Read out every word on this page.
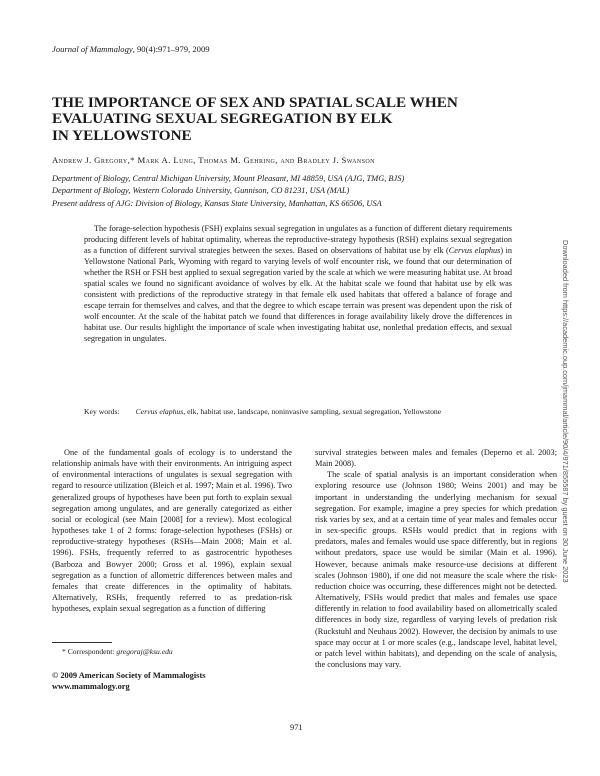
Journal of Mammalogy, 90(4):971–979, 2009
THE IMPORTANCE OF SEX AND SPATIAL SCALE WHEN
EVALUATING SEXUAL SEGREGATION BY ELK
IN YELLOWSTONE
Andrew J. Gregory,* Mark A. Lung, Thomas M. Gehring, and Bradley J. Swanson
Department of Biology, Central Michigan University, Mount Pleasant, MI 48859, USA (AJG, TMG, BJS)
Department of Biology, Western Colorado University, Gunnison, CO 81231, USA (MAL)
Present address of AJG: Division of Biology, Kansas State University, Manhattan, KS 66506, USA

The forage-selection hypothesis (FSH) explains sexual segregation in ungulates as a function of different dietary requirements producing different levels of habitat optimality, whereas the reproductive-strategy hypothesis (RSH) explains sexual segregation as a function of different survival strategies between the sexes. Based on observations of habitat use by elk (Cervus elaphus) in Yellowstone National Park, Wyoming with regard to varying levels of wolf encounter risk, we found that our determination of whether the RSH or FSH best applied to sexual segregation varied by the scale at which we were measuring habitat use. At broad spatial scales we found no significant avoidance of wolves by elk. At the habitat scale we found that habitat use by elk was consistent with predictions of the reproductive strategy in that female elk used habitats that offered a balance of forage and escape terrain for themselves and calves, and that the degree to which escape terrain was present was dependent upon the risk of wolf encounter. At the scale of the habitat patch we found that differences in forage availability likely drove the differences in habitat use. Our results highlight the importance of scale when investigating habitat use, nonlethal predation effects, and sexual segregation in ungulates.

Key words: Cervus elaphus, elk, habitat use, landscape, noninvasive sampling, sexual segregation, Yellowstone	Downloaded from https://academic.oup.com/jmammal/article/90/4/971/855587 by guest on 30 June 2023

One of the fundamental goals of ecology is to understand the relationship animals have with their environments. An intriguing aspect of environmental interactions of ungulates is sexual segregation with regard to resource utilization (Bleich et al. 1997; Main et al. 1996). Two generalized groups of hypotheses have been put forth to explain sexual segregation among ungulates, and are generally categorized as either social or ecological (see Main [2008] for a review). Most ecological hypotheses take 1 of 2 forms: forage-selection hypotheses (FSHs) or reproductive-strategy hypotheses (RSHs—Main 2008; Main et al. 1996). FSHs, frequently referred to as gastrocentric hypotheses (Barboza and Bowyer 2000; Gross et al. 1996), explain sexual segregation as a function of allometric differences between males and females that create differences in the optimality of habitats. Alternatively, RSHs, frequently referred to as predation-risk hypotheses, explain sexual segregation as a function of differing

survival strategies between males and females (Deperno et al. 2003; Main 2008).

The scale of spatial analysis is an important consideration when exploring resource use (Johnson 1980; Weins 2001) and may be important in understanding the underlying mechanism for sexual segregation. For example, imagine a prey species for which predation risk varies by sex, and at a certain time of year males and females occur in sex-specific groups. RSHs would predict that in regions with predators, males and females would use space differently, but in regions without predators, space use would be similar (Main et al. 1996). However, because animals make resource-use decisions at different scales (Johnson 1980), if one did not measure the scale where the risk-reduction choice was occurring, these differences might not be detected. Alternatively, FSHs would predict that males and females use space differently in relation to food availability based on allometrically scaled differences in body size, regardless of varying levels of predation risk (Ruckstuhl and Neuhaus 2002). However, the decision by animals to use space may occur at 1 or more scales (e.g., landscape level, habitat level, or patch level within habitats), and depending on the scale of analysis, the conclusions may vary.

* Correspondent: gregoraj@ksu.edu
© 2009 American Society of Mammalogists
www.mammalogy.org
971
